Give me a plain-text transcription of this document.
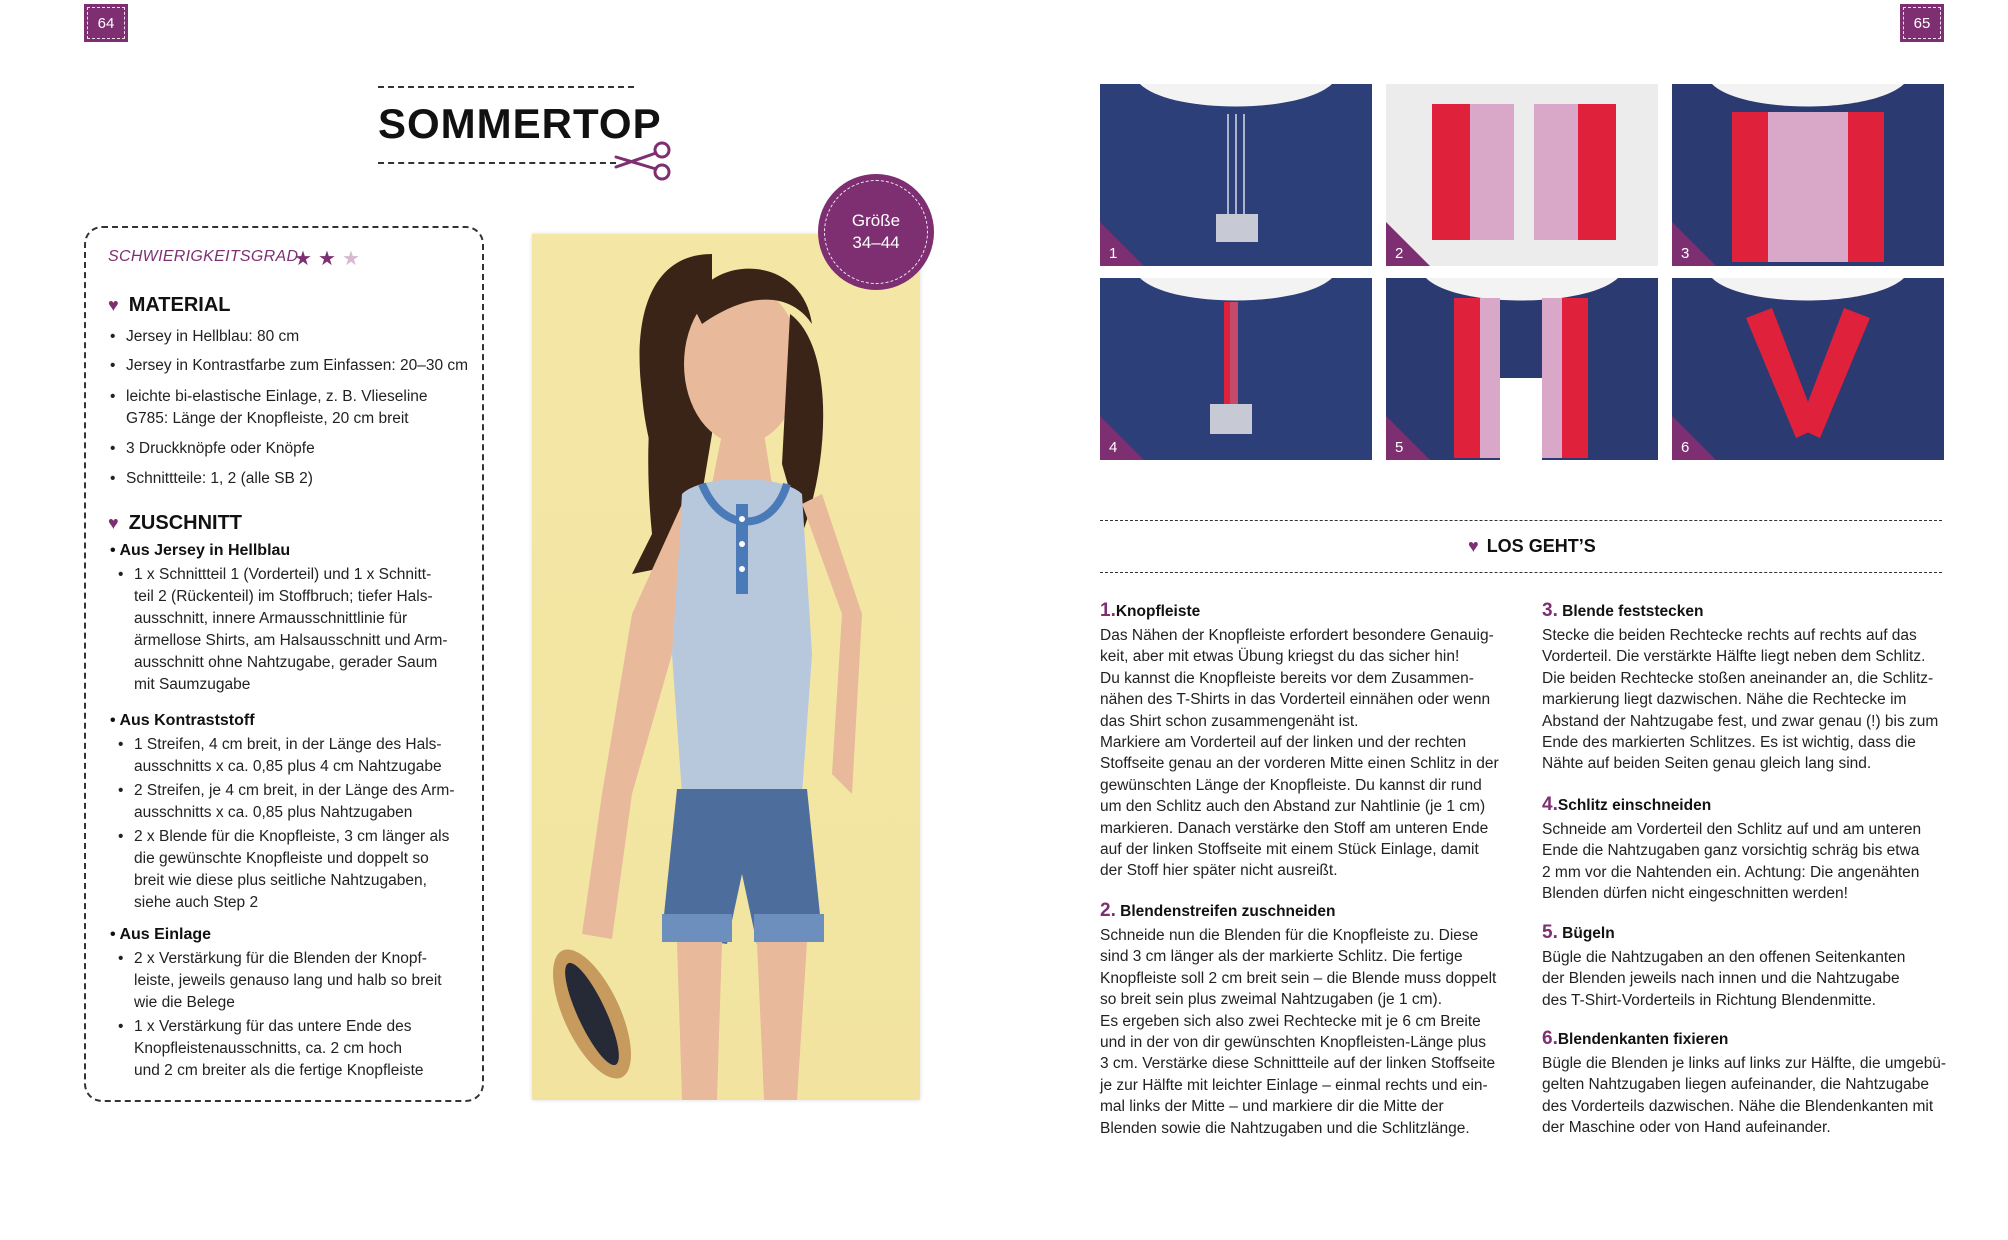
64	65
SOMMERTOP
SCHWIERIGKEITSGRAD
★ ★ ★
♥ MATERIAL
• Jersey in Hellblau: 80 cm
• Jersey in Kontrastfarbe zum Einfassen: 20–30 cm
• leichte bi-elastische Einlage, z. B. Vlieseline
G785: Länge der Knopfleiste, 20 cm breit
• 3 Druckknöpfe oder Knöpfe
• Schnittteile: 1, 2 (alle SB 2)
♥ ZUSCHNITT
• Aus Jersey in Hellblau
• 1 x Schnittteil 1 (Vorderteil) und 1 x Schnitt-
teil 2 (Rückenteil) im Stoffbruch; tiefer Hals-
ausschnitt, innere Armausschnittlinie für
ärmellose Shirts, am Halsausschnitt und Arm-
ausschnitt ohne Nahtzugabe, gerader Saum
mit Saumzugabe
• Aus Kontraststoff
• 1 Streifen, 4 cm breit, in der Länge des Hals-
ausschnitts x ca. 0,85 plus 4 cm Nahtzugabe
• 2 Streifen, je 4 cm breit, in der Länge des Arm-
ausschnitts x ca. 0,85 plus Nahtzugaben
• 2 x Blende für die Knopfleiste, 3 cm länger als
die gewünschte Knopfleiste und doppelt so
breit wie diese plus seitliche Nahtzugaben,
siehe auch Step 2
• Aus Einlage
• 2 x Verstärkung für die Blenden der Knopf-
leiste, jeweils genauso lang und halb so breit
wie die Belege
• 1 x Verstärkung für das untere Ende des
Knopfleistenausschnitts, ca. 2 cm hoch
und 2 cm breiter als die fertige Knopfleiste
Größe
34–44
1	2	3
4	5	6
♥ LOS GEHT’S
1.Knopfleiste
Das Nähen der Knopfleiste erfordert besondere Genauig-
keit, aber mit etwas Übung kriegst du das sicher hin!
Du kannst die Knopfleiste bereits vor dem Zusammen-
nähen des T-Shirts in das Vorderteil einnähen oder wenn
das Shirt schon zusammengenäht ist.
Markiere am Vorderteil auf der linken und der rechten
Stoffseite genau an der vorderen Mitte einen Schlitz in der
gewünschten Länge der Knopfleiste. Du kannst dir rund
um den Schlitz auch den Abstand zur Nahtlinie (je 1 cm)
markieren. Danach verstärke den Stoff am unteren Ende
auf der linken Stoffseite mit einem Stück Einlage, damit
der Stoff hier später nicht ausreißt.
2. Blendenstreifen zuschneiden
Schneide nun die Blenden für die Knopfleiste zu. Diese
sind 3 cm länger als der markierte Schlitz. Die fertige
Knopfleiste soll 2 cm breit sein – die Blende muss doppelt
so breit sein plus zweimal Nahtzugaben (je 1 cm).
Es ergeben sich also zwei Rechtecke mit je 6 cm Breite
und in der von dir gewünschten Knopfleisten-Länge plus
3 cm. Verstärke diese Schnittteile auf der linken Stoffseite
je zur Hälfte mit leichter Einlage – einmal rechts und ein-
mal links der Mitte – und markiere dir die Mitte der
Blenden sowie die Nahtzugaben und die Schlitzlänge.
3. Blende feststecken
Stecke die beiden Rechtecke rechts auf rechts auf das
Vorderteil. Die verstärkte Hälfte liegt neben dem Schlitz.
Die beiden Rechtecke stoßen aneinander an, die Schlitz-
markierung liegt dazwischen. Nähe die Rechtecke im
Abstand der Nahtzugabe fest, und zwar genau (!) bis zum
Ende des markierten Schlitzes. Es ist wichtig, dass die
Nähte auf beiden Seiten genau gleich lang sind.
4.Schlitz einschneiden
Schneide am Vorderteil den Schlitz auf und am unteren
Ende die Nahtzugaben ganz vorsichtig schräg bis etwa
2 mm vor die Nahtenden ein. Achtung: Die angenähten
Blenden dürfen nicht eingeschnitten werden!
5. Bügeln
Bügle die Nahtzugaben an den offenen Seitenkanten
der Blenden jeweils nach innen und die Nahtzugabe
des T-Shirt-Vorderteils in Richtung Blendenmitte.
6.Blendenkanten fixieren
Bügle die Blenden je links auf links zur Hälfte, die umgebü-
gelten Nahtzugaben liegen aufeinander, die Nahtzugabe
des Vorderteils dazwischen. Nähe die Blendenkanten mit
der Maschine oder von Hand aufeinander.
